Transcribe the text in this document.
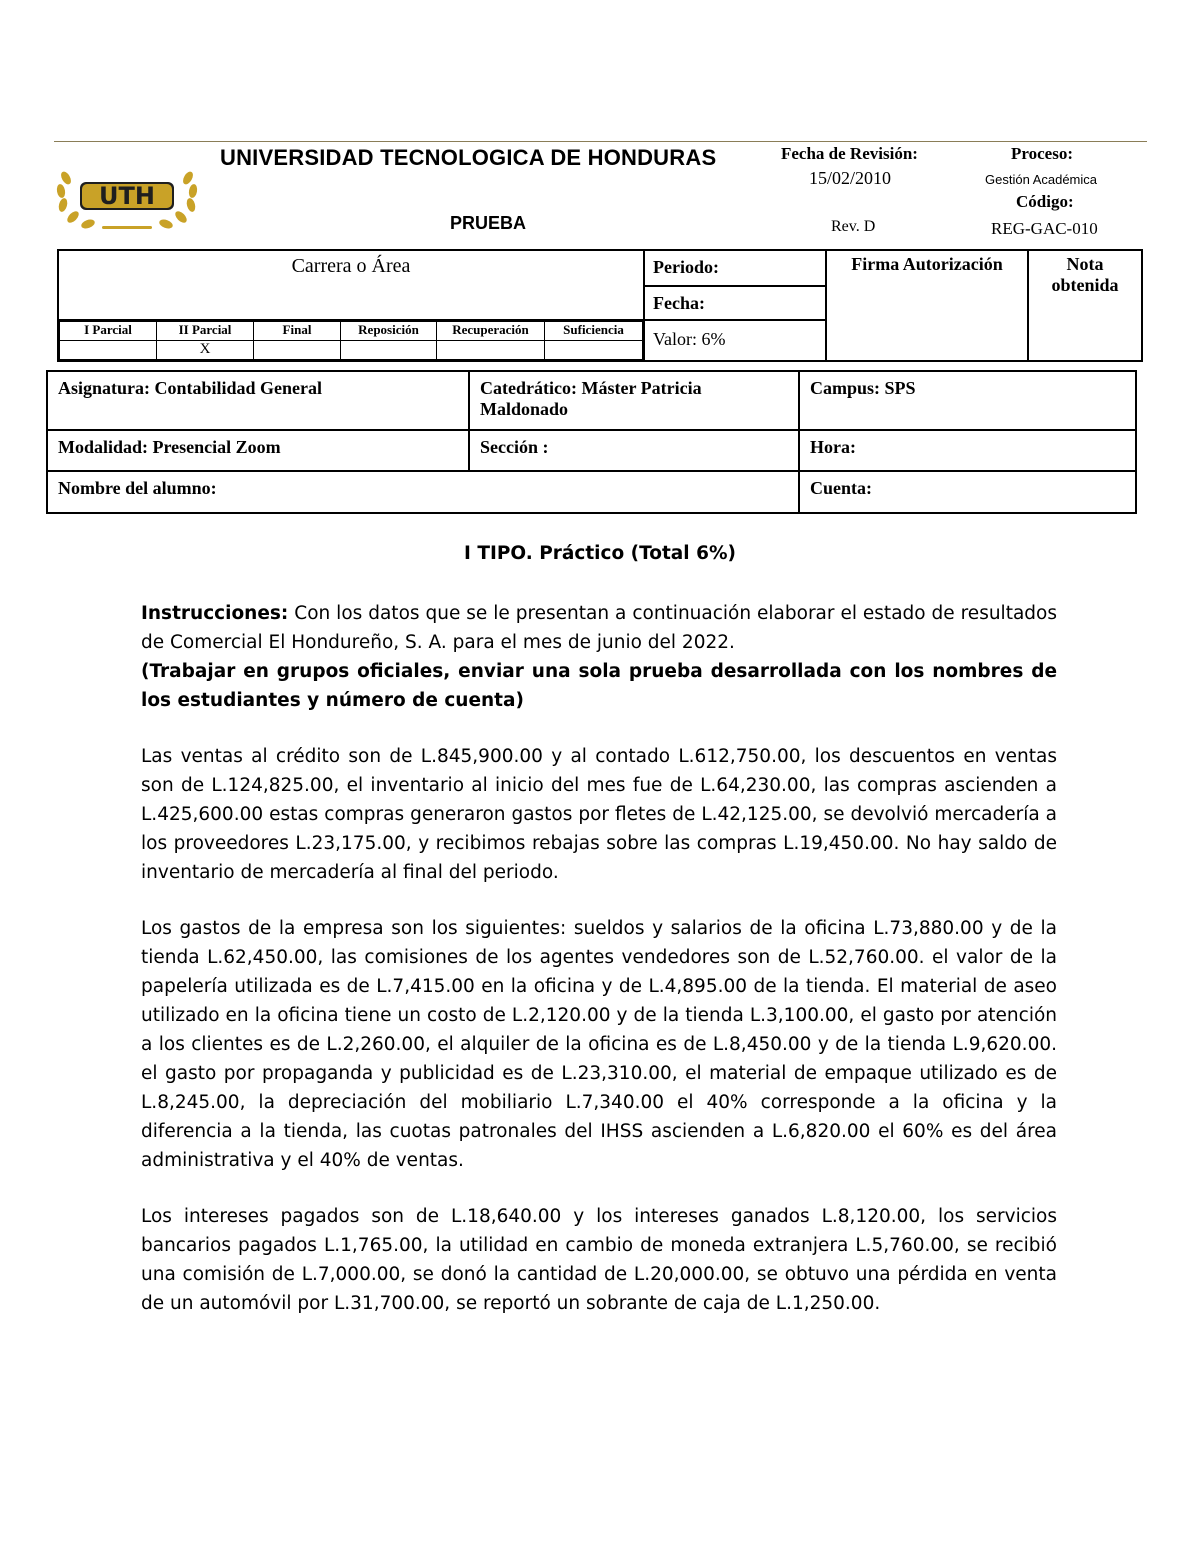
UTH
UNIVERSIDAD TECNOLOGICA DE HONDURAS
PRUEBA
Fecha de Revisión:
15/02/2010
Rev. D
Proceso:
Gestión Académica
Código:
REG-GAC-010
Carrera o Área	Periodo:	Firma Autorización	Nota obtenida
Fecha:

I Parcial	II Parcial	Final	Reposición	Recuperación	Suficiencia
	X				
		Valor: 6%
Asignatura: Contabilidad General	Catedrático: Máster Patricia Maldonado	Campus: SPS
Modalidad: Presencial Zoom	Sección :	Hora:
Nombre del alumno:		Cuenta:
I TIPO. Práctico (Total 6%)

Instrucciones: Con los datos que se le presentan a continuación elaborar el estado de resultados de Comercial El Hondureño, S. A. para el mes de junio del 2022.

(Trabajar en grupos oficiales, enviar una sola prueba desarrollada con los nombres de los estudiantes y número de cuenta)

Las ventas al crédito son de L.845,900.00 y al contado L.612,750.00, los descuentos en ventas son de L.124,825.00, el inventario al inicio del mes fue de L.64,230.00, las compras ascienden a L.425,600.00 estas compras generaron gastos por fletes de L.42,125.00, se devolvió mercadería a los proveedores L.23,175.00, y recibimos rebajas sobre las compras L.19,450.00. No hay saldo de inventario de mercadería al final del periodo.
Los gastos de la empresa son los siguientes: sueldos y salarios de la oficina L.73,880.00 y de la tienda L.62,450.00, las comisiones de los agentes vendedores son de L.52,760.00. el valor de la papelería utilizada es de L.7,415.00 en la oficina y de L.4,895.00 de la tienda. El material de aseo utilizado en la oficina tiene un costo de L.2,120.00 y de la tienda L.3,100.00, el gasto por atención a los clientes es de L.2,260.00, el alquiler de la oficina es de L.8,450.00 y de la tienda L.9,620.00. el gasto por propaganda y publicidad es de L.23,310.00, el material de empaque utilizado es de L.8,245.00, la depreciación del mobiliario L.7,340.00 el 40% corresponde a la oficina y la diferencia a la tienda, las cuotas patronales del IHSS ascienden a L.6,820.00 el 60% es del área administrativa y el 40% de ventas.
Los intereses pagados son de L.18,640.00 y los intereses ganados L.8,120.00, los servicios bancarios pagados L.1,765.00, la utilidad en cambio de moneda extranjera L.5,760.00, se recibió una comisión de L.7,000.00, se donó la cantidad de L.20,000.00, se obtuvo una pérdida en venta de un automóvil por L.31,700.00, se reportó un sobrante de caja de L.1,250.00.
